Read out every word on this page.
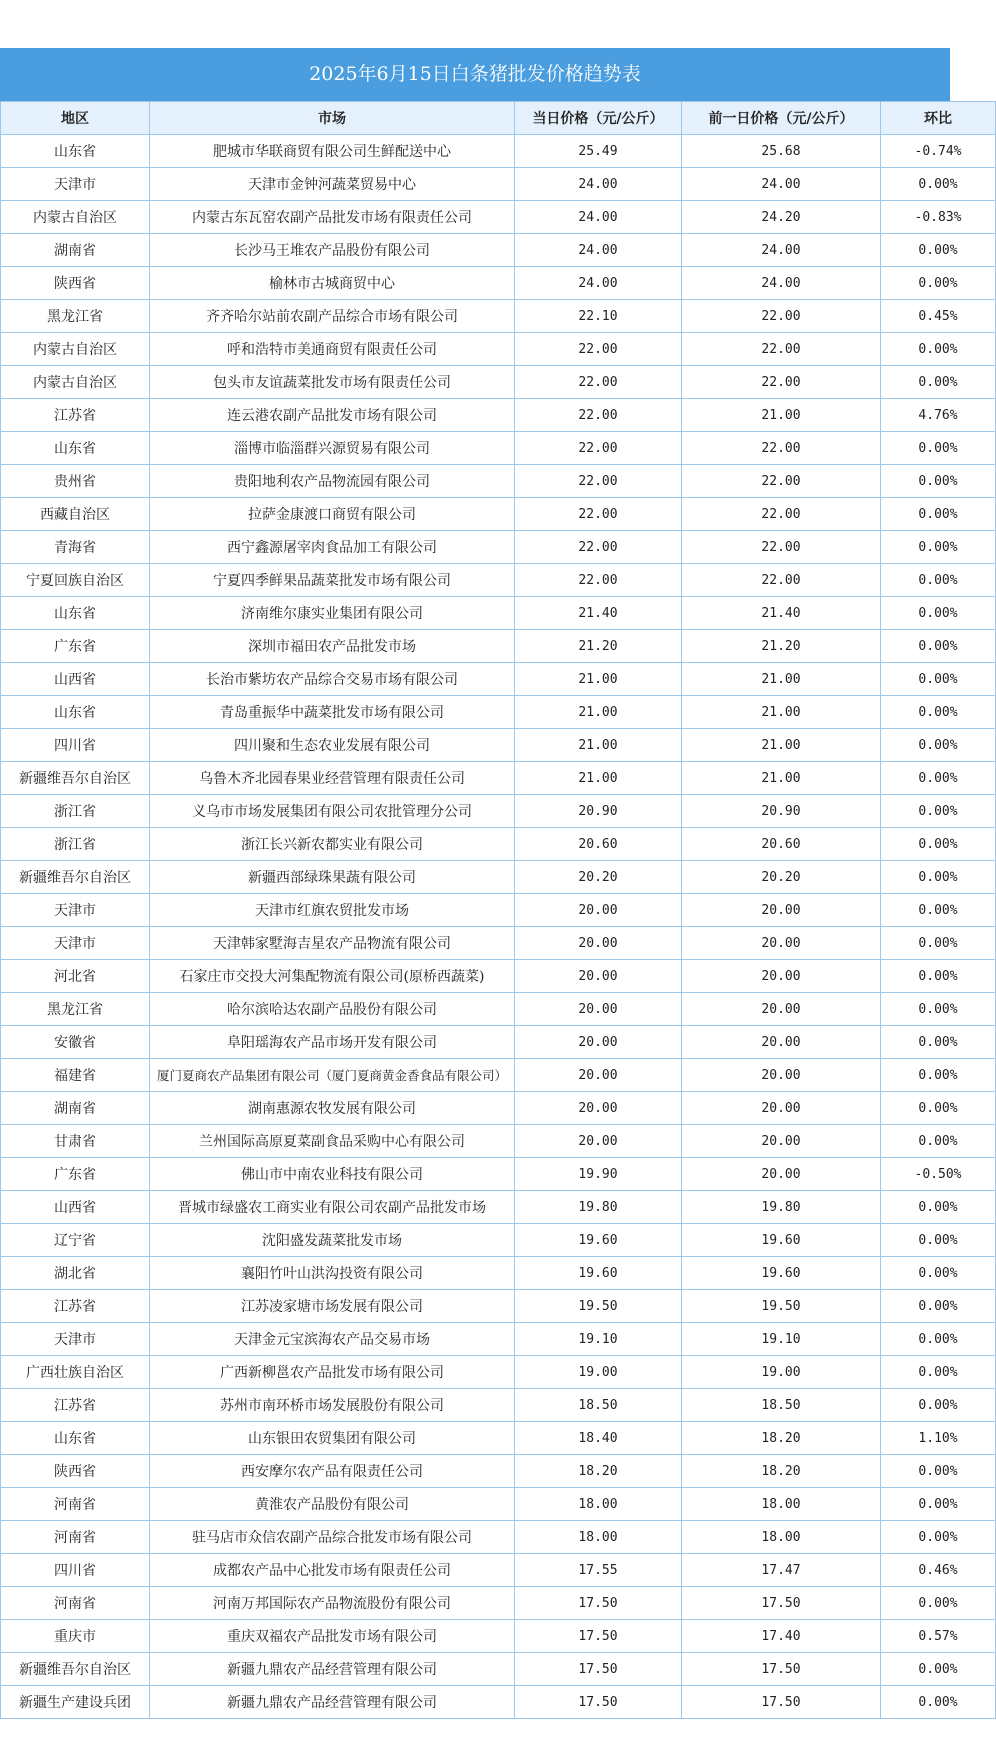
2025年6月15日白条猪批发价格趋势表
地区	市场	当日价格（元/公斤）	前一日价格（元/公斤）	环比
山东省	肥城市华联商贸有限公司生鲜配送中心	25.49	25.68	-0.74%
天津市	天津市金钟河蔬菜贸易中心	24.00	24.00	0.00%
内蒙古自治区	内蒙古东瓦窑农副产品批发市场有限责任公司	24.00	24.20	-0.83%
湖南省	长沙马王堆农产品股份有限公司	24.00	24.00	0.00%
陕西省	榆林市古城商贸中心	24.00	24.00	0.00%
黑龙江省	齐齐哈尔站前农副产品综合市场有限公司	22.10	22.00	0.45%
内蒙古自治区	呼和浩特市美通商贸有限责任公司	22.00	22.00	0.00%
内蒙古自治区	包头市友谊蔬菜批发市场有限责任公司	22.00	22.00	0.00%
江苏省	连云港农副产品批发市场有限公司	22.00	21.00	4.76%
山东省	淄博市临淄群兴源贸易有限公司	22.00	22.00	0.00%
贵州省	贵阳地利农产品物流园有限公司	22.00	22.00	0.00%
西藏自治区	拉萨金康渡口商贸有限公司	22.00	22.00	0.00%
青海省	西宁鑫源屠宰肉食品加工有限公司	22.00	22.00	0.00%
宁夏回族自治区	宁夏四季鲜果品蔬菜批发市场有限公司	22.00	22.00	0.00%
山东省	济南维尔康实业集团有限公司	21.40	21.40	0.00%
广东省	深圳市福田农产品批发市场	21.20	21.20	0.00%
山西省	长治市紫坊农产品综合交易市场有限公司	21.00	21.00	0.00%
山东省	青岛重振华中蔬菜批发市场有限公司	21.00	21.00	0.00%
四川省	四川聚和生态农业发展有限公司	21.00	21.00	0.00%
新疆维吾尔自治区	乌鲁木齐北园春果业经营管理有限责任公司	21.00	21.00	0.00%
浙江省	义乌市市场发展集团有限公司农批管理分公司	20.90	20.90	0.00%
浙江省	浙江长兴新农都实业有限公司	20.60	20.60	0.00%
新疆维吾尔自治区	新疆西部绿珠果蔬有限公司	20.20	20.20	0.00%
天津市	天津市红旗农贸批发市场	20.00	20.00	0.00%
天津市	天津韩家墅海吉星农产品物流有限公司	20.00	20.00	0.00%
河北省	石家庄市交投大河集配物流有限公司(原桥西蔬菜)	20.00	20.00	0.00%
黑龙江省	哈尔滨哈达农副产品股份有限公司	20.00	20.00	0.00%
安徽省	阜阳瑶海农产品市场开发有限公司	20.00	20.00	0.00%
福建省	厦门夏商农产品集团有限公司（厦门夏商黄金香食品有限公司）	20.00	20.00	0.00%
湖南省	湖南惠源农牧发展有限公司	20.00	20.00	0.00%
甘肃省	兰州国际高原夏菜副食品采购中心有限公司	20.00	20.00	0.00%
广东省	佛山市中南农业科技有限公司	19.90	20.00	-0.50%
山西省	晋城市绿盛农工商实业有限公司农副产品批发市场	19.80	19.80	0.00%
辽宁省	沈阳盛发蔬菜批发市场	19.60	19.60	0.00%
湖北省	襄阳竹叶山洪沟投资有限公司	19.60	19.60	0.00%
江苏省	江苏凌家塘市场发展有限公司	19.50	19.50	0.00%
天津市	天津金元宝滨海农产品交易市场	19.10	19.10	0.00%
广西壮族自治区	广西新柳邕农产品批发市场有限公司	19.00	19.00	0.00%
江苏省	苏州市南环桥市场发展股份有限公司	18.50	18.50	0.00%
山东省	山东银田农贸集团有限公司	18.40	18.20	1.10%
陕西省	西安摩尔农产品有限责任公司	18.20	18.20	0.00%
河南省	黄淮农产品股份有限公司	18.00	18.00	0.00%
河南省	驻马店市众信农副产品综合批发市场有限公司	18.00	18.00	0.00%
四川省	成都农产品中心批发市场有限责任公司	17.55	17.47	0.46%
河南省	河南万邦国际农产品物流股份有限公司	17.50	17.50	0.00%
重庆市	重庆双福农产品批发市场有限公司	17.50	17.40	0.57%
新疆维吾尔自治区	新疆九鼎农产品经营管理有限公司	17.50	17.50	0.00%
新疆生产建设兵团	新疆九鼎农产品经营管理有限公司	17.50	17.50	0.00%
